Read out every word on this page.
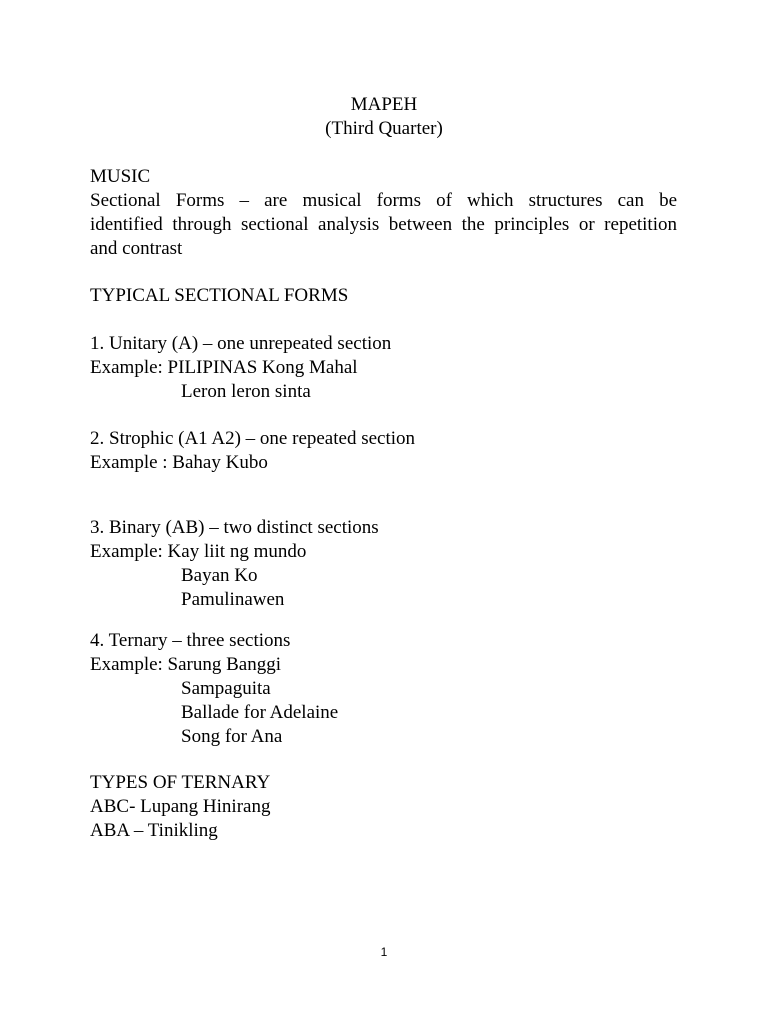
MAPEH
(Third Quarter)
MUSIC
Sectional Forms – are musical forms of which structures can be
identified through sectional analysis between the principles or repetition
and contrast
TYPICAL SECTIONAL FORMS
1. Unitary (A) – one unrepeated section
Example: PILIPINAS Kong Mahal
Leron leron sinta
2. Strophic (A1 A2) – one repeated section
Example : Bahay Kubo
3. Binary (AB) – two distinct sections
Example: Kay liit ng mundo
Bayan Ko
Pamulinawen
4. Ternary – three sections
Example: Sarung Banggi
Sampaguita
Ballade for Adelaine
Song for Ana
TYPES OF TERNARY
ABC- Lupang Hinirang
ABA – Tinikling
1
